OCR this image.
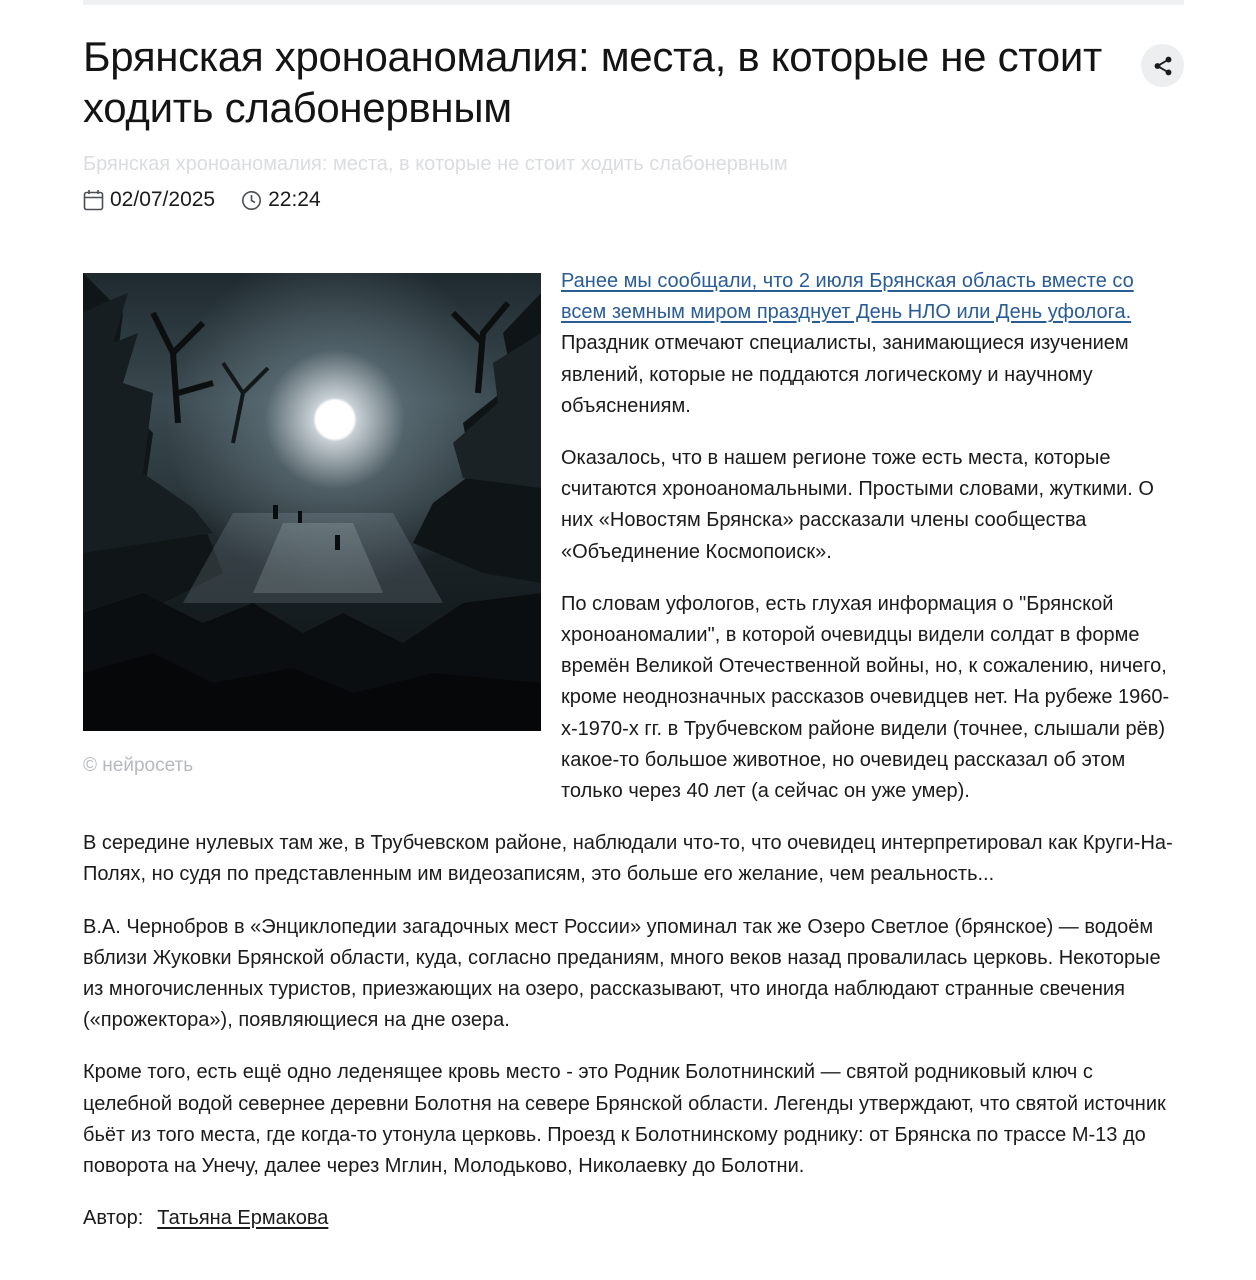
Брянская хроноаномалия: места, в которые не стоит ходить слабонервным

Брянская хроноаномалия: места, в которые не стоит ходить слабонервным

02/07/2025	22:24
© нейросеть

Ранее мы сообщали, что 2 июля Брянская область вместе со всем земным миром празднует День НЛО или День уфолога. Праздник отмечают специалисты, занимающиеся изучением явлений, которые не поддаются логическому и научному объяснениям.

Оказалось, что в нашем регионе тоже есть места, которые считаются хроноаномальными. Простыми словами, жуткими. О них «Новостям Брянска» рассказали члены сообщества «Объединение Космопоиск».

По словам уфологов, есть глухая информация о "Брянской хроноаномалии", в которой очевидцы видели солдат в форме времён Великой Отечественной войны, но, к сожалению, ничего, кроме неоднозначных рассказов очевидцев нет. На рубеже 1960-х-1970-х гг. в Трубчевском районе видели (точнее, слышали рёв) какое-то большое животное, но очевидец рассказал об этом только через 40 лет (а сейчас он уже умер).

В середине нулевых там же, в Трубчевском районе, наблюдали что-то, что очевидец интерпретировал как Круги-На-Полях, но судя по представленным им видеозаписям, это больше его желание, чем реальность...

В.А. Чернобров в «Энциклопедии загадочных мест России» упоминал так же Озеро Светлое (брянское) — водоём вблизи Жуковки Брянской области, куда, согласно преданиям, много веков назад провалилась церковь. Некоторые из многочисленных туристов, приезжающих на озеро, рассказывают, что иногда наблюдают странные свечения («прожектора»), появляющиеся на дне озера.

Кроме того, есть ещё одно леденящее кровь место - это Родник Болотнинский — святой родниковый ключ с целебной водой севернее деревни Болотня на севере Брянской области. Легенды утверждают, что святой источник бьёт из того места, где когда-то утонула церковь. Проезд к Болотнинскому роднику: от Брянска по трассе М-13 до поворота на Унечу, далее через Мглин, Молодьково, Николаевку до Болотни.

Автор: Татьяна Ермакова
